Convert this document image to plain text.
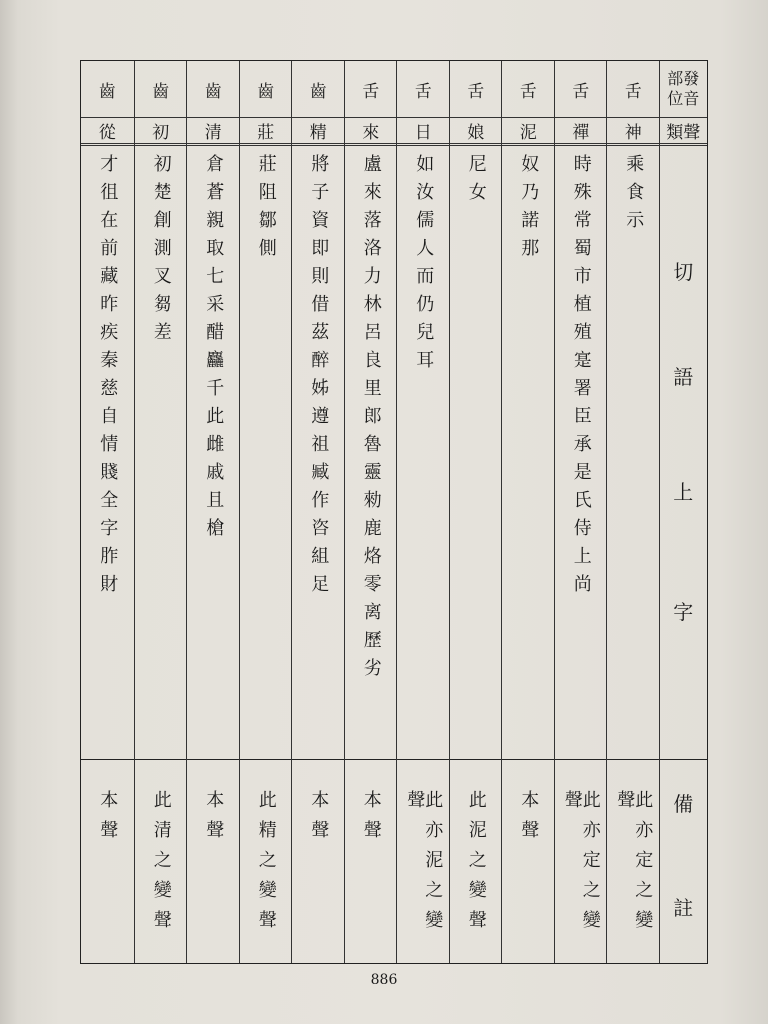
齒
從
才徂在前藏昨疾秦慈自情賤全字胙財
本聲
齒
初
初楚創測叉芻差
此清之變聲
齒
清
倉蒼親取七采醋麤千此雌戚且槍
本聲
齒
莊
莊阻鄒側
此精之變聲
齒
精
將子資即則借茲醉姊遵祖臧作咨組足
本聲
舌
來
盧來落洛力林呂良里郎魯靈勑鹿烙零离歷劣
本聲
舌
日
如汝儒人而仍兒耳
此亦泥之變聲
舌
娘
尼女
此泥之變聲
舌
泥
奴乃諾那
本聲
舌
禪
時殊常蜀市植殖寔署臣承是氏侍上尚
此亦定之變聲
舌
神
乘食示
此亦定之變聲
部發
位音
類聲
切
語
上
字
備
註
886
